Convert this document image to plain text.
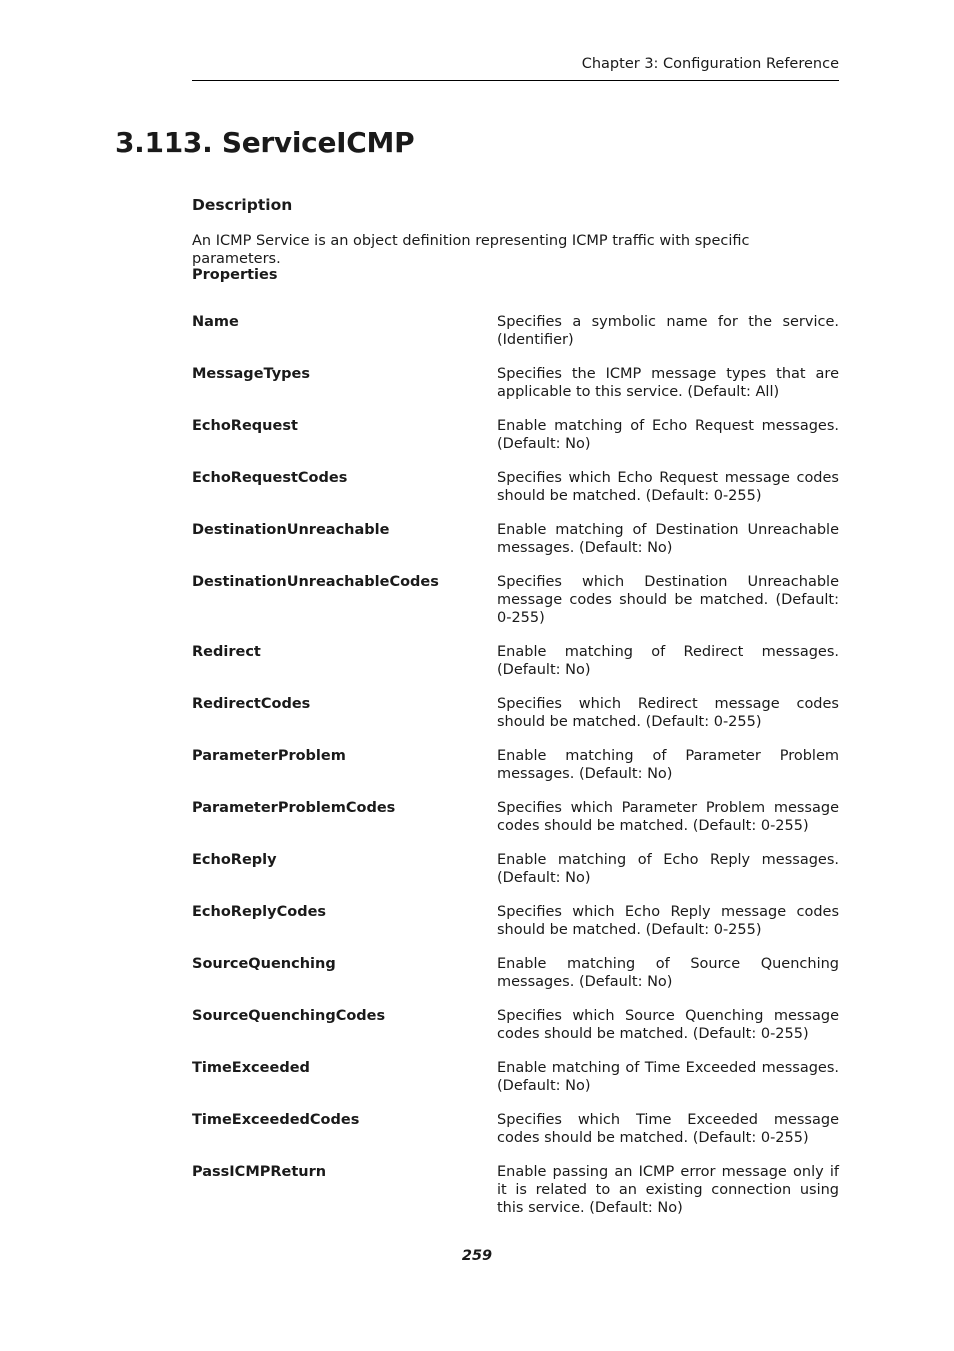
Chapter 3: Configuration Reference
3.113. ServiceICMP
Description

An ICMP Service is an object definition representing ICMP traffic with specific parameters.

Properties

Name	Specifies a symbolic name for the service. (Identifier)
MessageTypes	Specifies the ICMP message types that are applicable to this service. (Default: All)
EchoRequest	Enable matching of Echo Request messages. (Default: No)
EchoRequestCodes	Specifies which Echo Request message codes should be matched. (Default: 0-255)
DestinationUnreachable	Enable matching of Destination Unreachable messages. (Default: No)
DestinationUnreachableCodes	Specifies which Destination Unreachable message codes should be matched. (Default: 0-255)
Redirect	Enable matching of Redirect messages. (Default: No)
RedirectCodes	Specifies which Redirect message codes should be matched. (Default: 0-255)
ParameterProblem	Enable matching of Parameter Problem messages. (Default: No)
ParameterProblemCodes	Specifies which Parameter Problem message codes should be matched. (Default: 0-255)
EchoReply	Enable matching of Echo Reply messages. (Default: No)
EchoReplyCodes	Specifies which Echo Reply message codes should be matched. (Default: 0-255)
SourceQuenching	Enable matching of Source Quenching messages. (Default: No)
SourceQuenchingCodes	Specifies which Source Quenching message codes should be matched. (Default: 0-255)
TimeExceeded	Enable matching of Time Exceeded messages. (Default: No)
TimeExceededCodes	Specifies which Time Exceeded message codes should be matched. (Default: 0-255)
PassICMPReturn	Enable passing an ICMP error message only if it is related to an existing connection using this service. (Default: No)
259
